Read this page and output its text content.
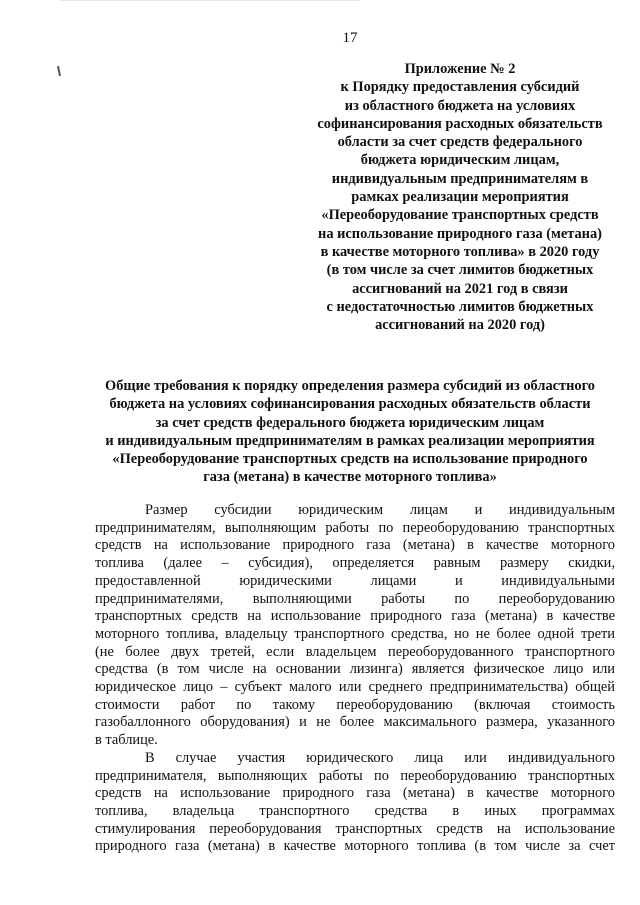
17
Приложение № 2
к Порядку предоставления субсидий
из областного бюджета на условиях
софинансирования расходных обязательств
области за счет средств федерального
бюджета юридическим лицам,
индивидуальным предпринимателям в
рамках реализации мероприятия
«Переоборудование транспортных средств
на использование природного газа (метана)
в качестве моторного топлива» в 2020 году
(в том числе за счет лимитов бюджетных
ассигнований на 2021 год в связи
с недостаточностью лимитов бюджетных
ассигнований на 2020 год)
Общие требования к порядку определения размера субсидий из областного
бюджета на условиях софинансирования расходных обязательств области
за счет средств федерального бюджета юридическим лицам
и индивидуальным предпринимателям в рамках реализации мероприятия
«Переоборудование транспортных средств на использование природного
газа (метана) в качестве моторного топлива»
Размер субсидии юридическим лицам и индивидуальным
предпринимателям, выполняющим работы по переоборудованию транспортных
средств на использование природного газа (метана) в качестве моторного
топлива (далее – субсидия), определяется равным размеру скидки,
предоставленной юридическими лицами и индивидуальными
предпринимателями, выполняющими работы по переоборудованию
транспортных средств на использование природного газа (метана) в качестве
моторного топлива, владельцу транспортного средства, но не более одной трети
(не более двух третей, если владельцем переоборудованного транспортного
средства (в том числе на основании лизинга) является физическое лицо или
юридическое лицо – субъект малого или среднего предпринимательства) общей
стоимости работ по такому переоборудованию (включая стоимость
газобаллонного оборудования) и не более максимального размера, указанного
в таблице.
В случае участия юридического лица или индивидуального
предпринимателя, выполняющих работы по переоборудованию транспортных
средств на использование природного газа (метана) в качестве моторного
топлива, владельца транспортного средства в иных программах
стимулирования переоборудования транспортных средств на использование
природного газа (метана) в качестве моторного топлива (в том числе за счет
